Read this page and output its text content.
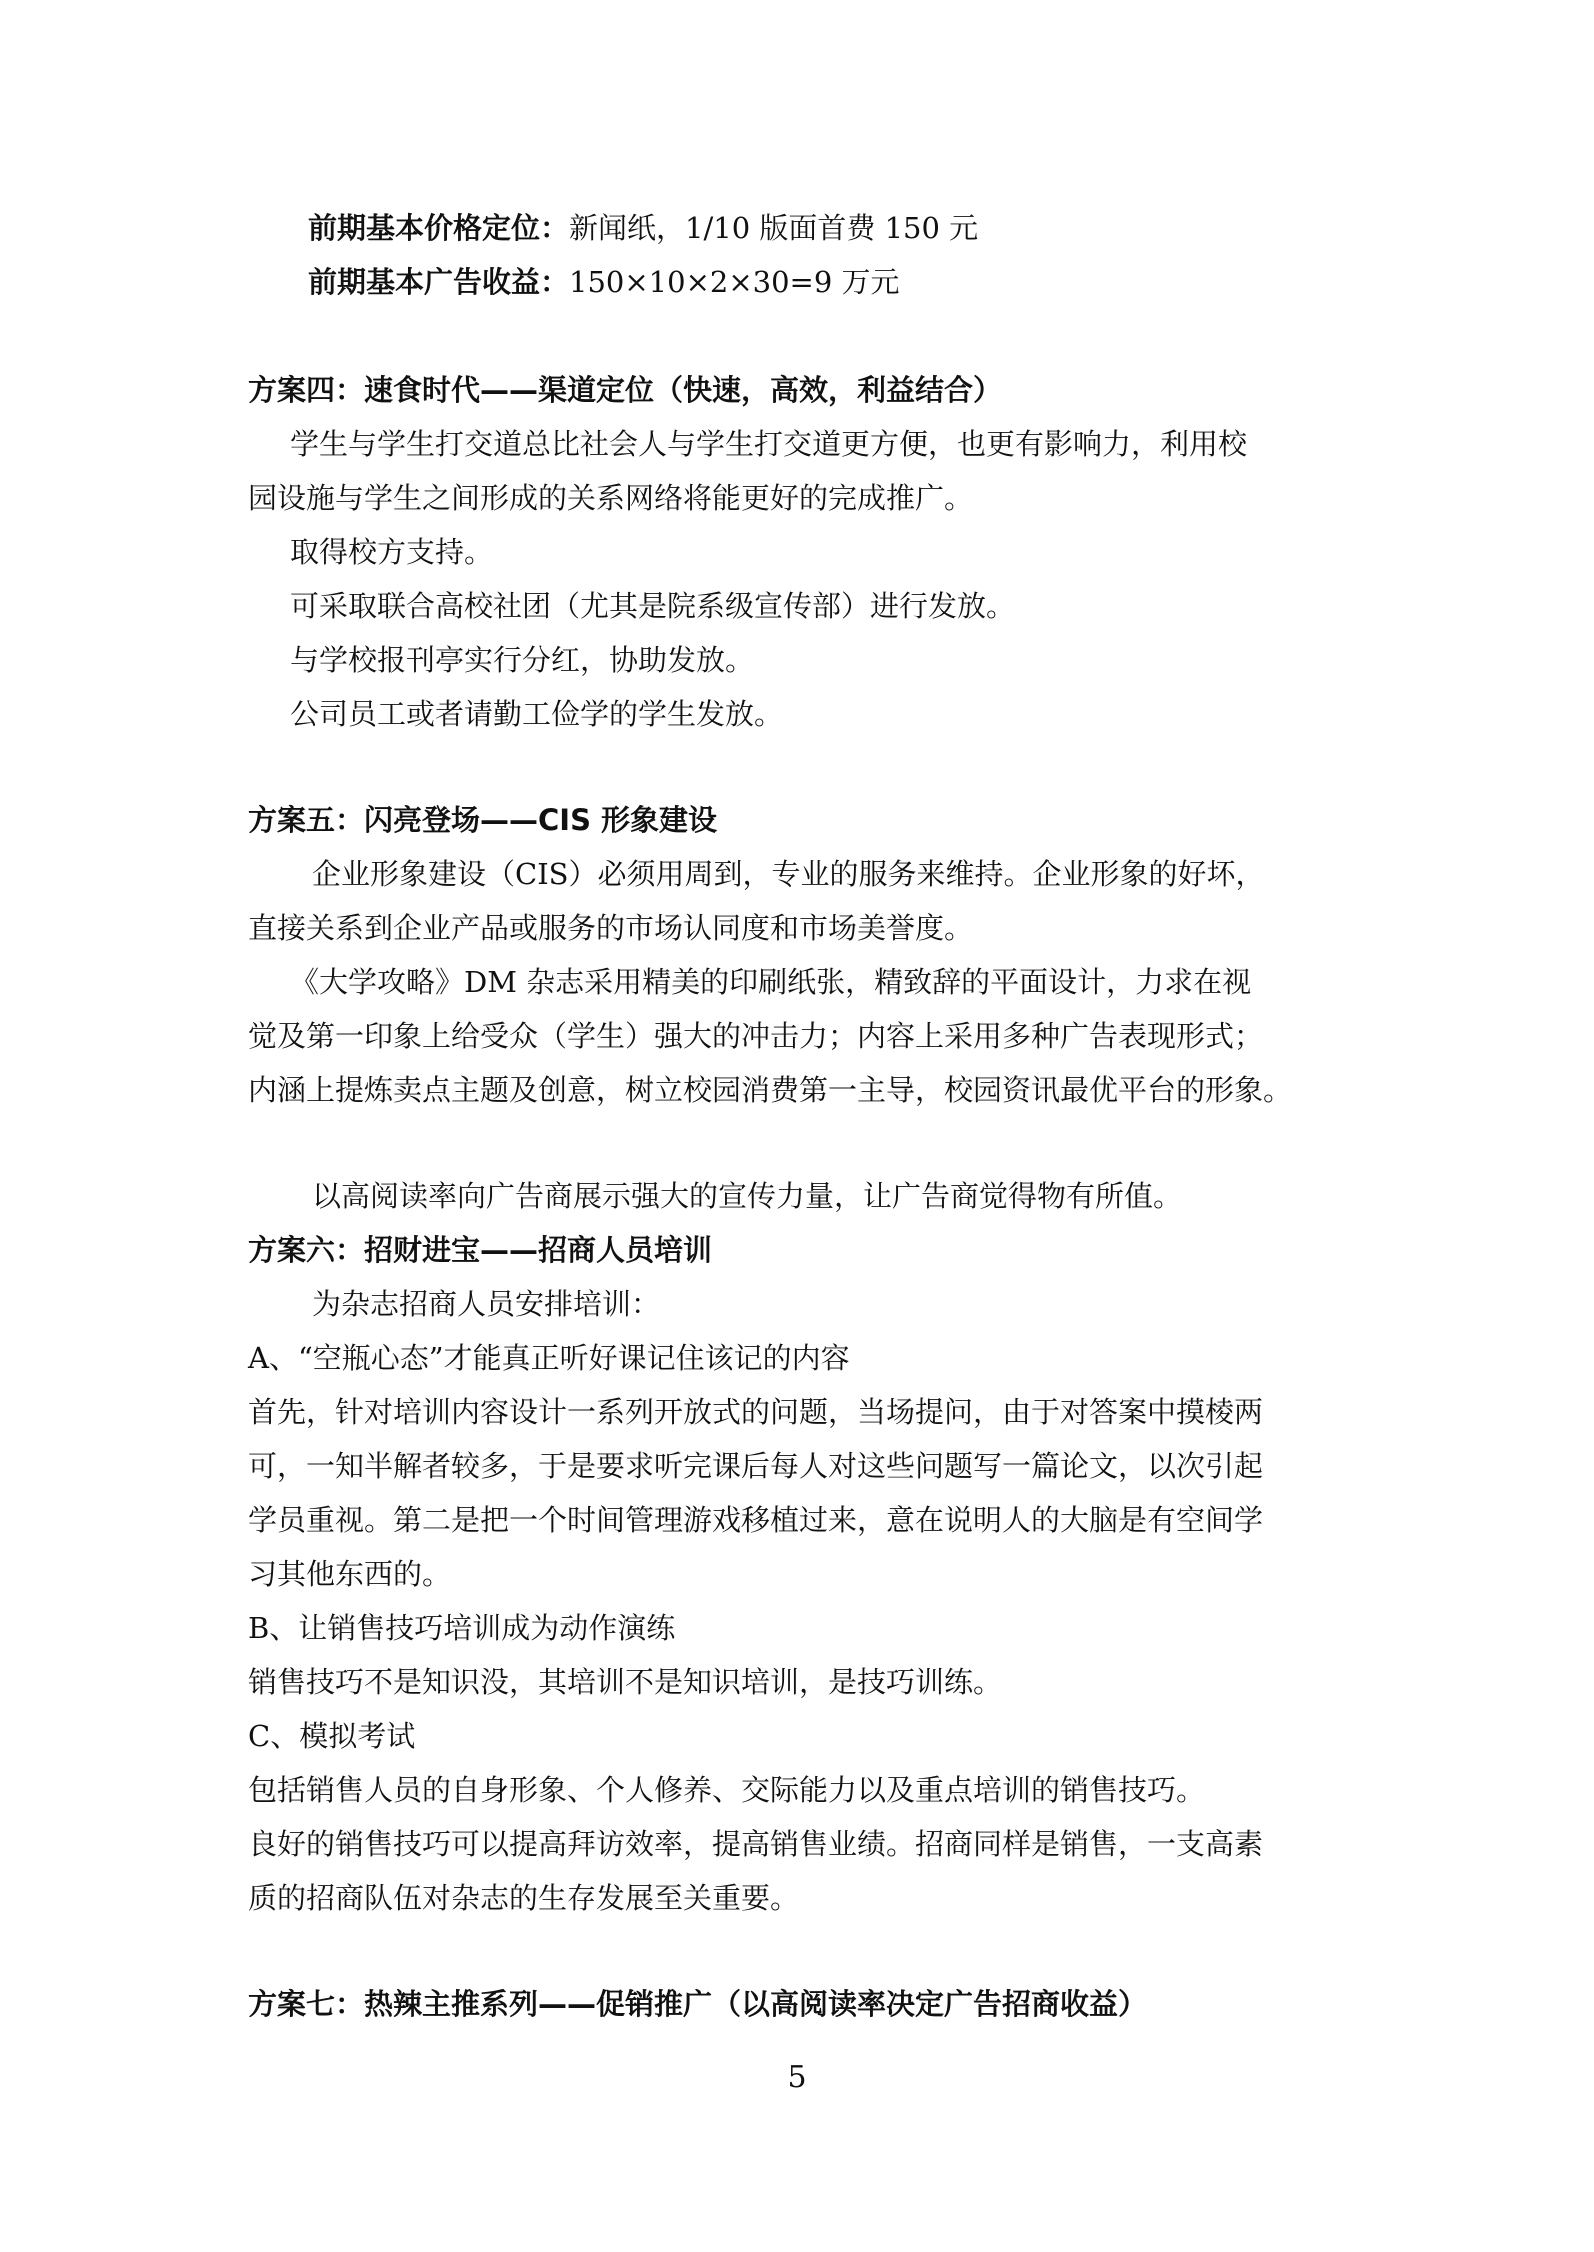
前期基本价格定位：新闻纸，1/10 版面首费 150 元

前期基本广告收益：150×10×2×30=9 万元

方案四：速食时代——渠道定位（快速，高效，利益结合）

学生与学生打交道总比社会人与学生打交道更方便，也更有影响力，利用校

园设施与学生之间形成的关系网络将能更好的完成推广。

取得校方支持。

可采取联合高校社团（尤其是院系级宣传部）进行发放。

与学校报刊亭实行分红，协助发放。

公司员工或者请勤工俭学的学生发放。

方案五：闪亮登场——CIS 形象建设

企业形象建设（CIS）必须用周到，专业的服务来维持。企业形象的好坏，

直接关系到企业产品或服务的市场认同度和市场美誉度。

《大学攻略》DM 杂志采用精美的印刷纸张，精致辞的平面设计，力求在视

觉及第一印象上给受众（学生）强大的冲击力；内容上采用多种广告表现形式；

内涵上提炼卖点主题及创意，树立校园消费第一主导，校园资讯最优平台的形象。

以高阅读率向广告商展示强大的宣传力量，让广告商觉得物有所值。

方案六：招财进宝——招商人员培训

为杂志招商人员安排培训：

A、“空瓶心态”才能真正听好课记住该记的内容

首先，针对培训内容设计一系列开放式的问题，当场提问，由于对答案中摸棱两

可，一知半解者较多，于是要求听完课后每人对这些问题写一篇论文，以次引起

学员重视。第二是把一个时间管理游戏移植过来，意在说明人的大脑是有空间学

习其他东西的。

B、让销售技巧培训成为动作演练

销售技巧不是知识没，其培训不是知识培训，是技巧训练。

C、模拟考试

包括销售人员的自身形象、个人修养、交际能力以及重点培训的销售技巧。

良好的销售技巧可以提高拜访效率，提高销售业绩。招商同样是销售，一支高素

质的招商队伍对杂志的生存发展至关重要。

方案七：热辣主推系列——促销推广（以高阅读率决定广告招商收益）

5
